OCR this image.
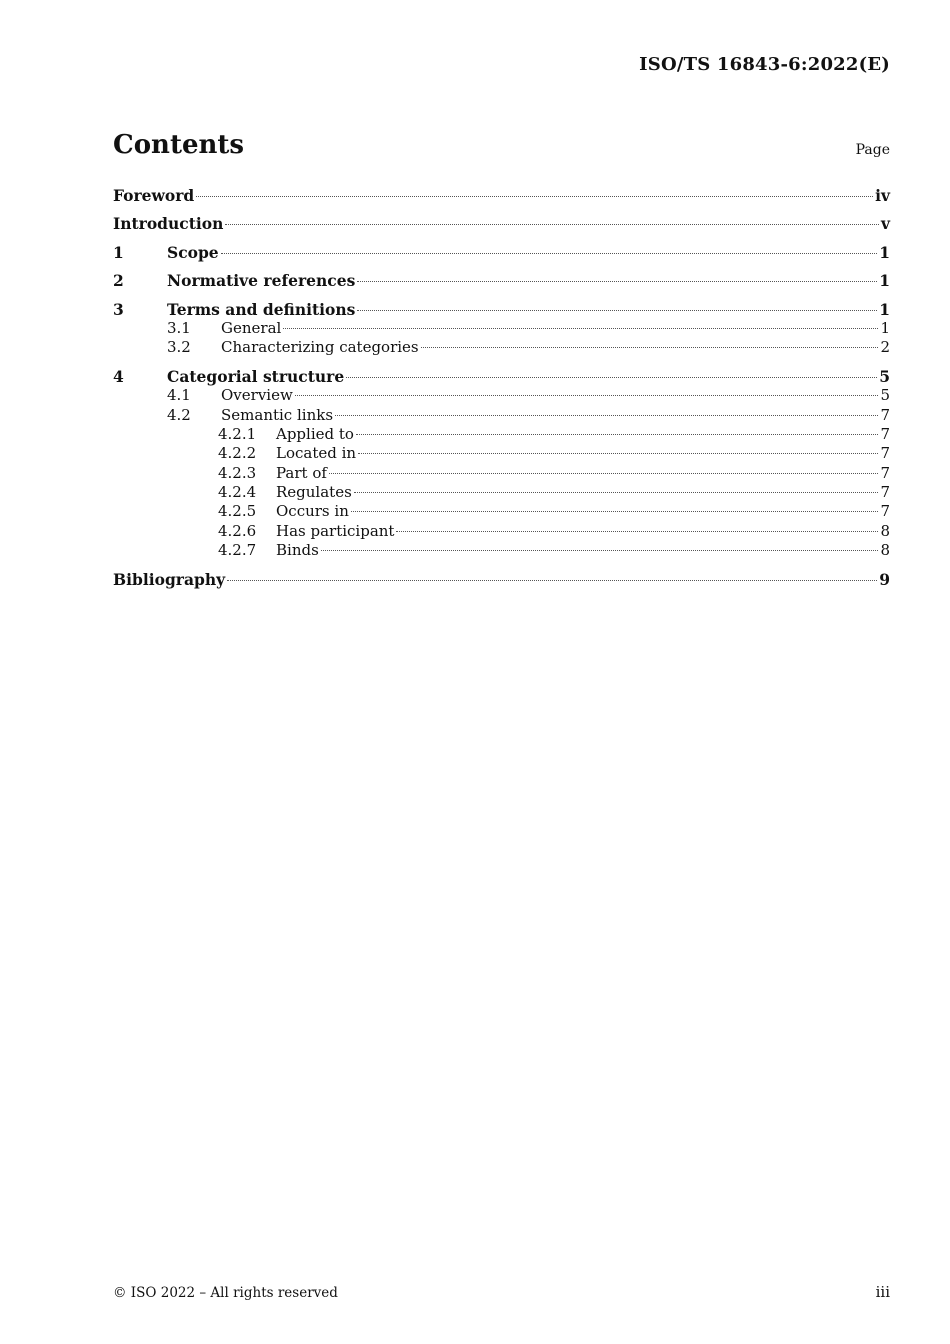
ISO/TS 16843-6:2022(E)
Contents	Page
Foreword	iv
Introduction	v
1	Scope	1
2	Normative references	1
3	Terms and definitions	1
3.1	General	1
3.2	Characterizing categories	2
4	Categorial structure	5
4.1	Overview	5
4.2	Semantic links	7
4.2.1	Applied to	7
4.2.2	Located in	7
4.2.3	Part of	7
4.2.4	Regulates	7
4.2.5	Occurs in	7
4.2.6	Has participant	8
4.2.7	Binds	8
Bibliography	9
© ISO 2022 – All rights reserved	iii
